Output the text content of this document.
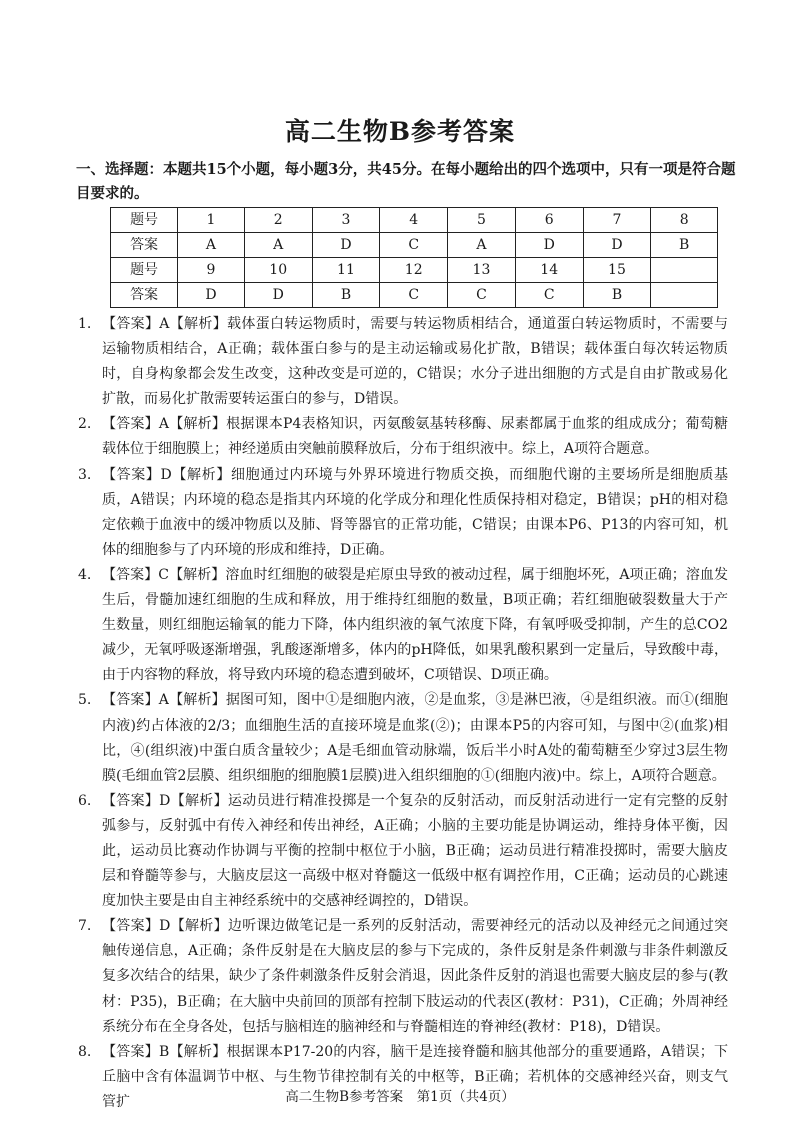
高二生物B参考答案
一、选择题：本题共15个小题，每小题3分，共45分。在每小题给出的四个选项中，只有一项是符合题目要求的。
题号	1	2	3	4	5	6	7	8
答案	A	A	D	C	A	D	D	B
题号	9	10	11	12	13	14	15	
答案	D	D	B	C	C	C	B	
1. 【答案】A【解析】载体蛋白转运物质时，需要与转运物质相结合，通道蛋白转运物质时，不需要与运输物质相结合，A正确；载体蛋白参与的是主动运输或易化扩散，B错误；载体蛋白每次转运物质时，自身构象都会发生改变，这种改变是可逆的，C错误；水分子进出细胞的方式是自由扩散或易化扩散，而易化扩散需要转运蛋白的参与，D错误。
2. 【答案】A【解析】根据课本P4表格知识，丙氨酸氨基转移酶、尿素都属于血浆的组成成分；葡萄糖载体位于细胞膜上；神经递质由突触前膜释放后，分布于组织液中。综上，A项符合题意。
3. 【答案】D【解析】细胞通过内环境与外界环境进行物质交换，而细胞代谢的主要场所是细胞质基质，A错误；内环境的稳态是指其内环境的化学成分和理化性质保持相对稳定，B错误；pH的相对稳定依赖于血液中的缓冲物质以及肺、肾等器官的正常功能，C错误；由课本P6、P13的内容可知，机体的细胞参与了内环境的形成和维持，D正确。
4. 【答案】C【解析】溶血时红细胞的破裂是疟原虫导致的被动过程，属于细胞坏死，A项正确；溶血发生后，骨髓加速红细胞的生成和释放，用于维持红细胞的数量，B项正确；若红细胞破裂数量大于产生数量，则红细胞运输氧的能力下降，体内组织液的氧气浓度下降，有氧呼吸受抑制，产生的总CO2减少，无氧呼吸逐渐增强，乳酸逐渐增多，体内的pH降低，如果乳酸积累到一定量后，导致酸中毒，由于内容物的释放，将导致内环境的稳态遭到破坏，C项错误、D项正确。
5. 【答案】A【解析】据图可知，图中①是细胞内液，②是血浆，③是淋巴液，④是组织液。而①(细胞内液)约占体液的2/3；血细胞生活的直接环境是血浆(②)；由课本P5的内容可知，与图中②(血浆)相比，④(组织液)中蛋白质含量较少；A是毛细血管动脉端，饭后半小时A处的葡萄糖至少穿过3层生物膜(毛细血管2层膜、组织细胞的细胞膜1层膜)进入组织细胞的①(细胞内液)中。综上，A项符合题意。
6. 【答案】D【解析】运动员进行精准投掷是一个复杂的反射活动，而反射活动进行一定有完整的反射弧参与，反射弧中有传入神经和传出神经，A正确；小脑的主要功能是协调运动，维持身体平衡，因此，运动员比赛动作协调与平衡的控制中枢位于小脑，B正确；运动员进行精准投掷时，需要大脑皮层和脊髓等参与，大脑皮层这一高级中枢对脊髓这一低级中枢有调控作用，C正确；运动员的心跳速度加快主要是由自主神经系统中的交感神经调控的，D错误。
7. 【答案】D【解析】边听课边做笔记是一系列的反射活动，需要神经元的活动以及神经元之间通过突触传递信息，A正确；条件反射是在大脑皮层的参与下完成的，条件反射是条件刺激与非条件刺激反复多次结合的结果，缺少了条件刺激条件反射会消退，因此条件反射的消退也需要大脑皮层的参与(教材：P35)，B正确；在大脑中央前回的顶部有控制下肢运动的代表区(教材：P31)，C正确；外周神经系统分布在全身各处，包括与脑相连的脑神经和与脊髓相连的脊神经(教材：P18)，D错误。
8. 【答案】B【解析】根据课本P17-20的内容，脑干是连接脊髓和脑其他部分的重要通路，A错误；下丘脑中含有体温调节中枢、与生物节律控制有关的中枢等，B正确；若机体的交感神经兴奋，则支气管扩	高二生物B参考答案　第1页（共4页）
